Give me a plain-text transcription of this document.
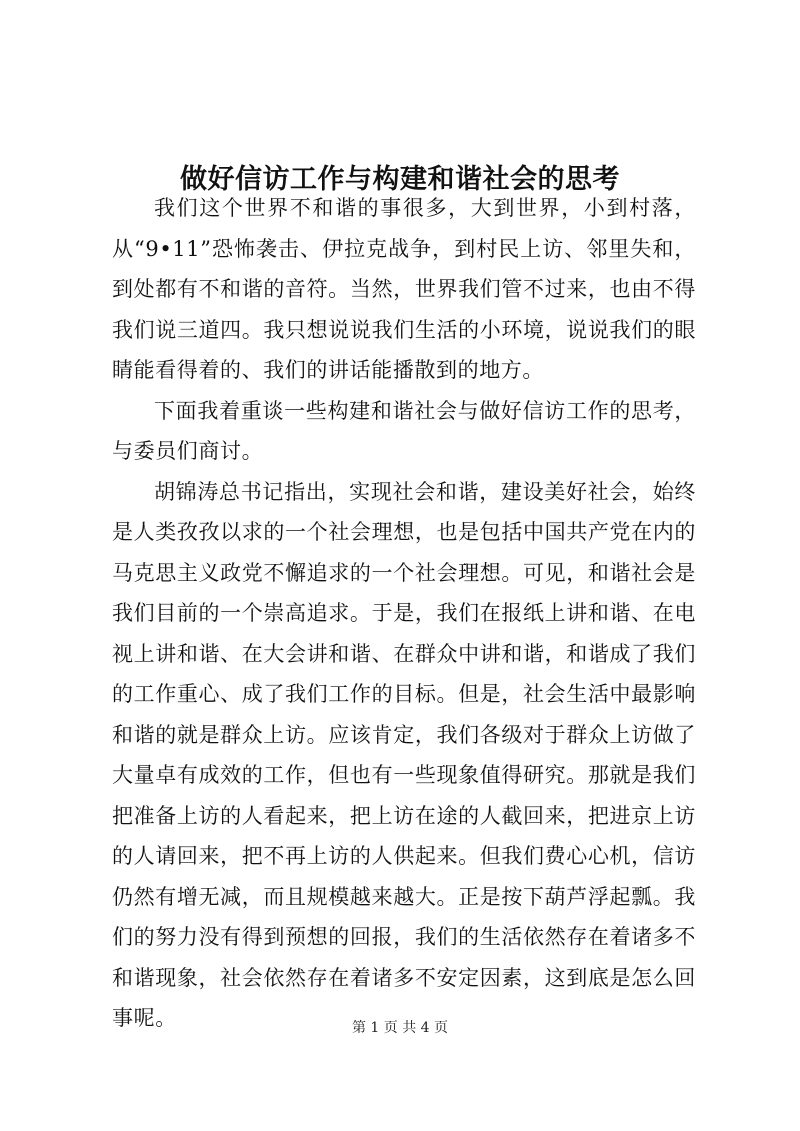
做好信访工作与构建和谐社会的思考

我们这个世界不和谐的事很多，大到世界，小到村落，从“9•11”恐怖袭击、伊拉克战争，到村民上访、邻里失和，到处都有不和谐的音符。当然，世界我们管不过来，也由不得我们说三道四。我只想说说我们生活的小环境，说说我们的眼睛能看得着的、我们的讲话能播散到的地方。

下面我着重谈一些构建和谐社会与做好信访工作的思考，与委员们商讨。

胡锦涛总书记指出，实现社会和谐，建设美好社会，始终是人类孜孜以求的一个社会理想，也是包括中国共产党在内的马克思主义政党不懈追求的一个社会理想。可见，和谐社会是我们目前的一个崇高追求。于是，我们在报纸上讲和谐、在电视上讲和谐、在大会讲和谐、在群众中讲和谐，和谐成了我们的工作重心、成了我们工作的目标。但是，社会生活中最影响和谐的就是群众上访。应该肯定，我们各级对于群众上访做了大量卓有成效的工作，但也有一些现象值得研究。那就是我们把准备上访的人看起来，把上访在途的人截回来，把进京上访的人请回来，把不再上访的人供起来。但我们费心心机，信访仍然有增无减，而且规模越来越大。正是按下葫芦浮起瓢。我们的努力没有得到预想的回报，我们的生活依然存在着诸多不和谐现象，社会依然存在着诸多不安定因素，这到底是怎么回事呢。	第 1 页 共 4 页
